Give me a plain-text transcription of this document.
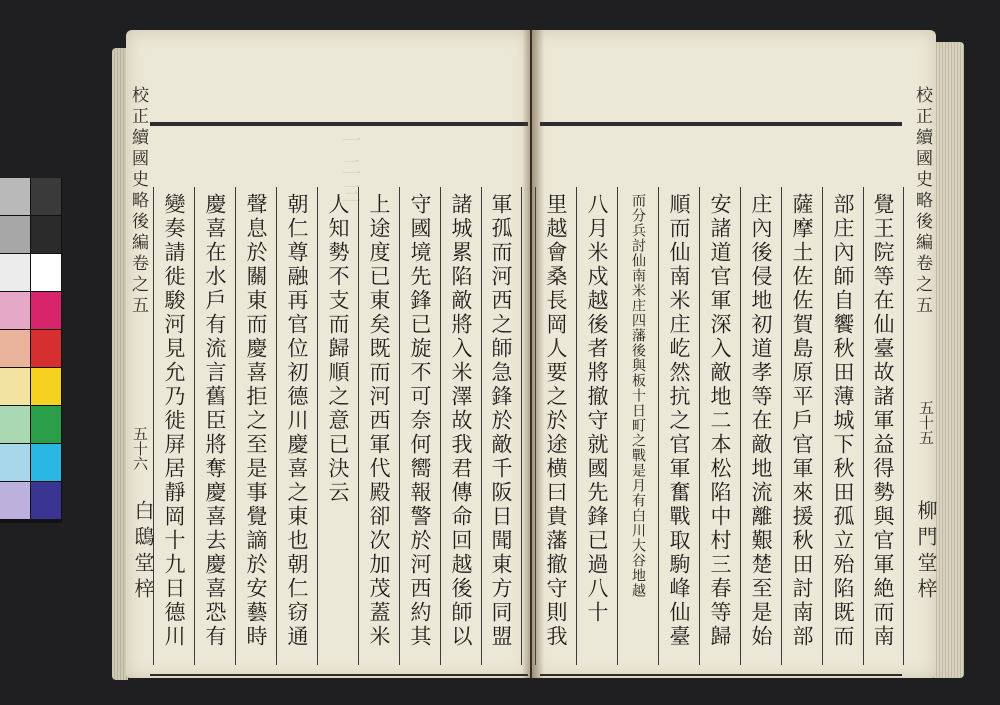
校正續國史略後編卷之五
五十六
白鴟堂梓
一 二 三
軍孤而河西之師急鋒於敵千阪日聞東方同盟
諸城累陷敵將入米澤故我君傳命回越後師以
守國境先鋒已旋不可奈何嚮報警於河西約其
上途度已東矣既而河西軍代殿卻次加茂蓋米
人知勢不支而歸順之意已決云
朝仁尊融再官位初德川慶喜之東也朝仁窃通
聲息於關東而慶喜拒之至是事覺謫於安藝時
慶喜在水戶有流言舊臣將奪慶喜去慶喜恐有
變奏請徙駿河見允乃徙屏居靜岡十九日德川	校正續國史略後編卷之五
五十五
柳門堂梓
覺王院等在仙臺故諸軍益得勢與官軍絶而南
部庄內師自饗秋田薄城下秋田孤立殆陷既而
薩摩土佐佐賀島原平戶官軍來援秋田討南部
庄內後侵地初道孝等在敵地流離艱楚至是始
安諸道官軍深入敵地二本松陷中村三春等歸
順而仙南米庄屹然抗之官軍奮戰取駒峰仙臺
而分兵討仙南米庄四藩後與板十日町之戰是月有白川大谷地越
八月米戍越後者將撤守就國先鋒已過八十
里越會桑長岡人要之於途横曰貴藩撤守則我
